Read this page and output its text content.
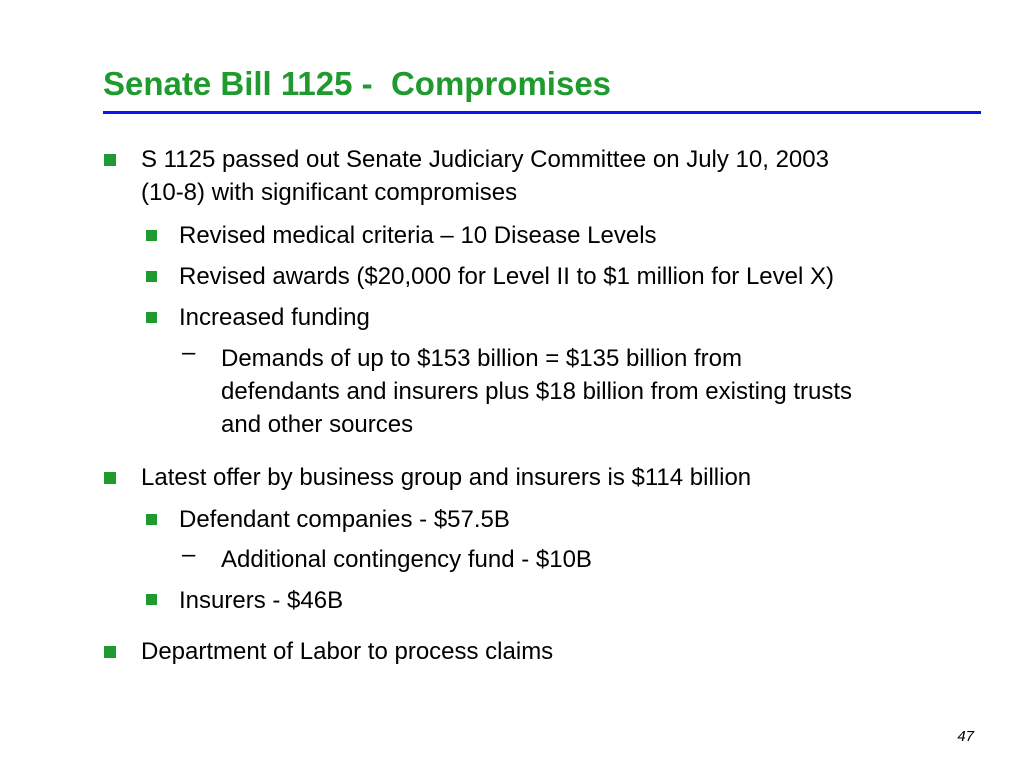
Senate Bill 1125 -  Compromises
S 1125 passed out Senate Judiciary Committee on July 10, 2003
(10-8) with significant compromises
Revised medical criteria – 10 Disease Levels
Revised awards ($20,000 for Level II to $1 million for Level X)
Increased funding
– Demands of up to $153 billion = $135 billion from
defendants and insurers plus $18 billion from existing trusts
and other sources
Latest offer by business group and insurers is $114 billion
Defendant companies - $57.5B
– Additional contingency fund - $10B
Insurers - $46B
Department of Labor to process claims
47
